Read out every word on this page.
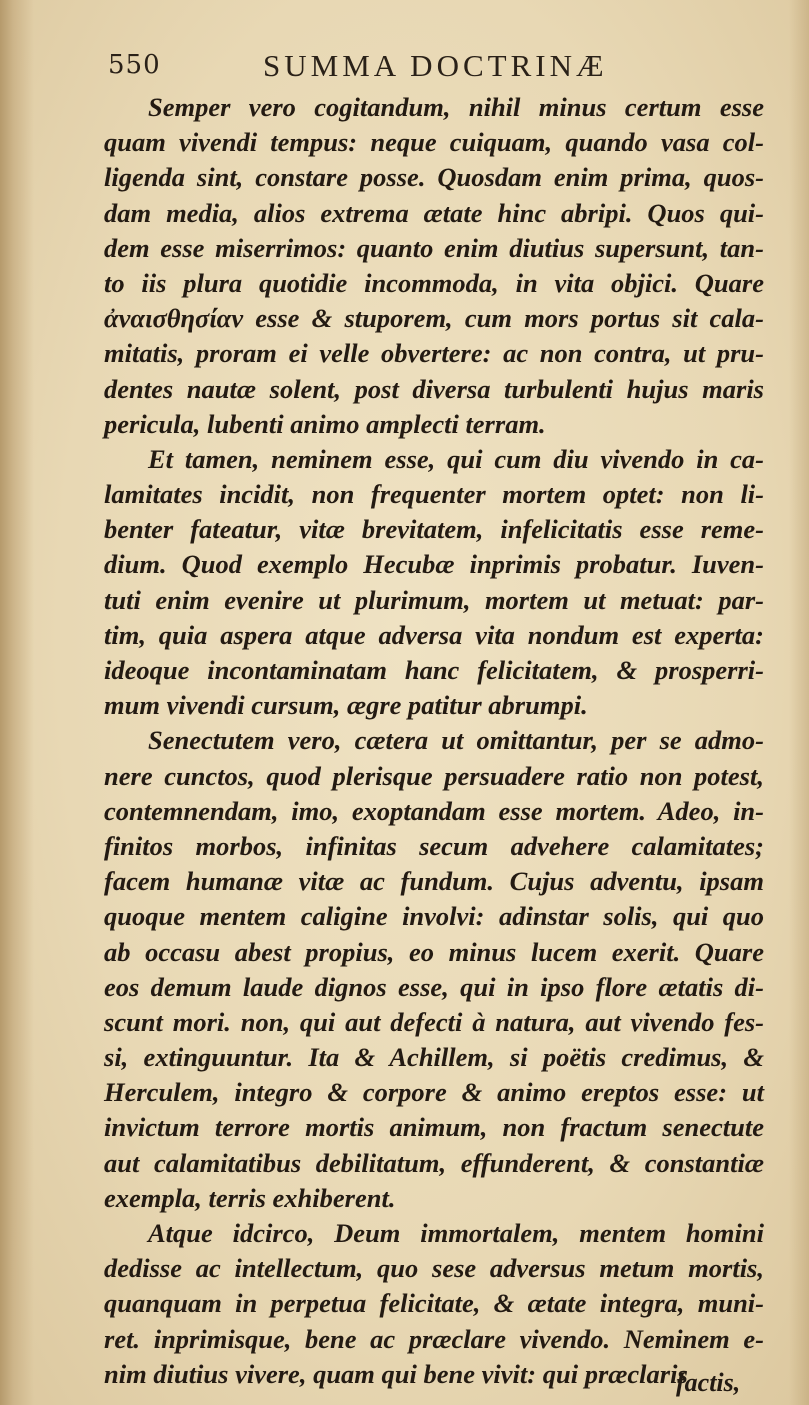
550	SUMMA DOCTRINÆ
Semper vero cogitandum, nihil minus certum esse
quam vivendi tempus: neque cuiquam, quando vasa col-
ligenda sint, constare posse. Quosdam enim prima, quos-
dam media, alios extrema ætate hinc abripi. Quos qui-
dem esse miserrimos: quanto enim diutius supersunt, tan-
to iis plura quotidie incommoda, in vita objici. Quare
ἀναισθησίαν esse & stuporem, cum mors portus sit cala-
mitatis, proram ei velle obvertere: ac non contra, ut pru-
dentes nautæ solent, post diversa turbulenti hujus maris
pericula, lubenti animo amplecti terram.
Et tamen, neminem esse, qui cum diu vivendo in ca-
lamitates incidit, non frequenter mortem optet: non li-
benter fateatur, vitæ brevitatem, infelicitatis esse reme-
dium. Quod exemplo Hecubæ inprimis probatur. Iuven-
tuti enim evenire ut plurimum, mortem ut metuat: par-
tim, quia aspera atque adversa vita nondum est experta:
ideoque incontaminatam hanc felicitatem, & prosperri-
mum vivendi cursum, ægre patitur abrumpi.
Senectutem vero, cætera ut omittantur, per se admo-
nere cunctos, quod plerisque persuadere ratio non potest,
contemnendam, imo, exoptandam esse mortem. Adeo, in-
finitos morbos, infinitas secum advehere calamitates;
facem humanæ vitæ ac fundum. Cujus adventu, ipsam
quoque mentem caligine involvi: adinstar solis, qui quo
ab occasu abest propius, eo minus lucem exerit. Quare
eos demum laude dignos esse, qui in ipso flore ætatis di-
scunt mori. non, qui aut defecti à natura, aut vivendo fes-
si, extinguuntur. Ita & Achillem, si poëtis credimus, &
Herculem, integro & corpore & animo ereptos esse: ut
invictum terrore mortis animum, non fractum senectute
aut calamitatibus debilitatum, effunderent, & constantiæ
exempla, terris exhiberent.
Atque idcirco, Deum immortalem, mentem homini
dedisse ac intellectum, quo sese adversus metum mortis,
quanquam in perpetua felicitate, & ætate integra, muni-
ret. inprimisque, bene ac præclare vivendo. Neminem e-
nim diutius vivere, quam qui bene vivit: qui præclaris
factis,
